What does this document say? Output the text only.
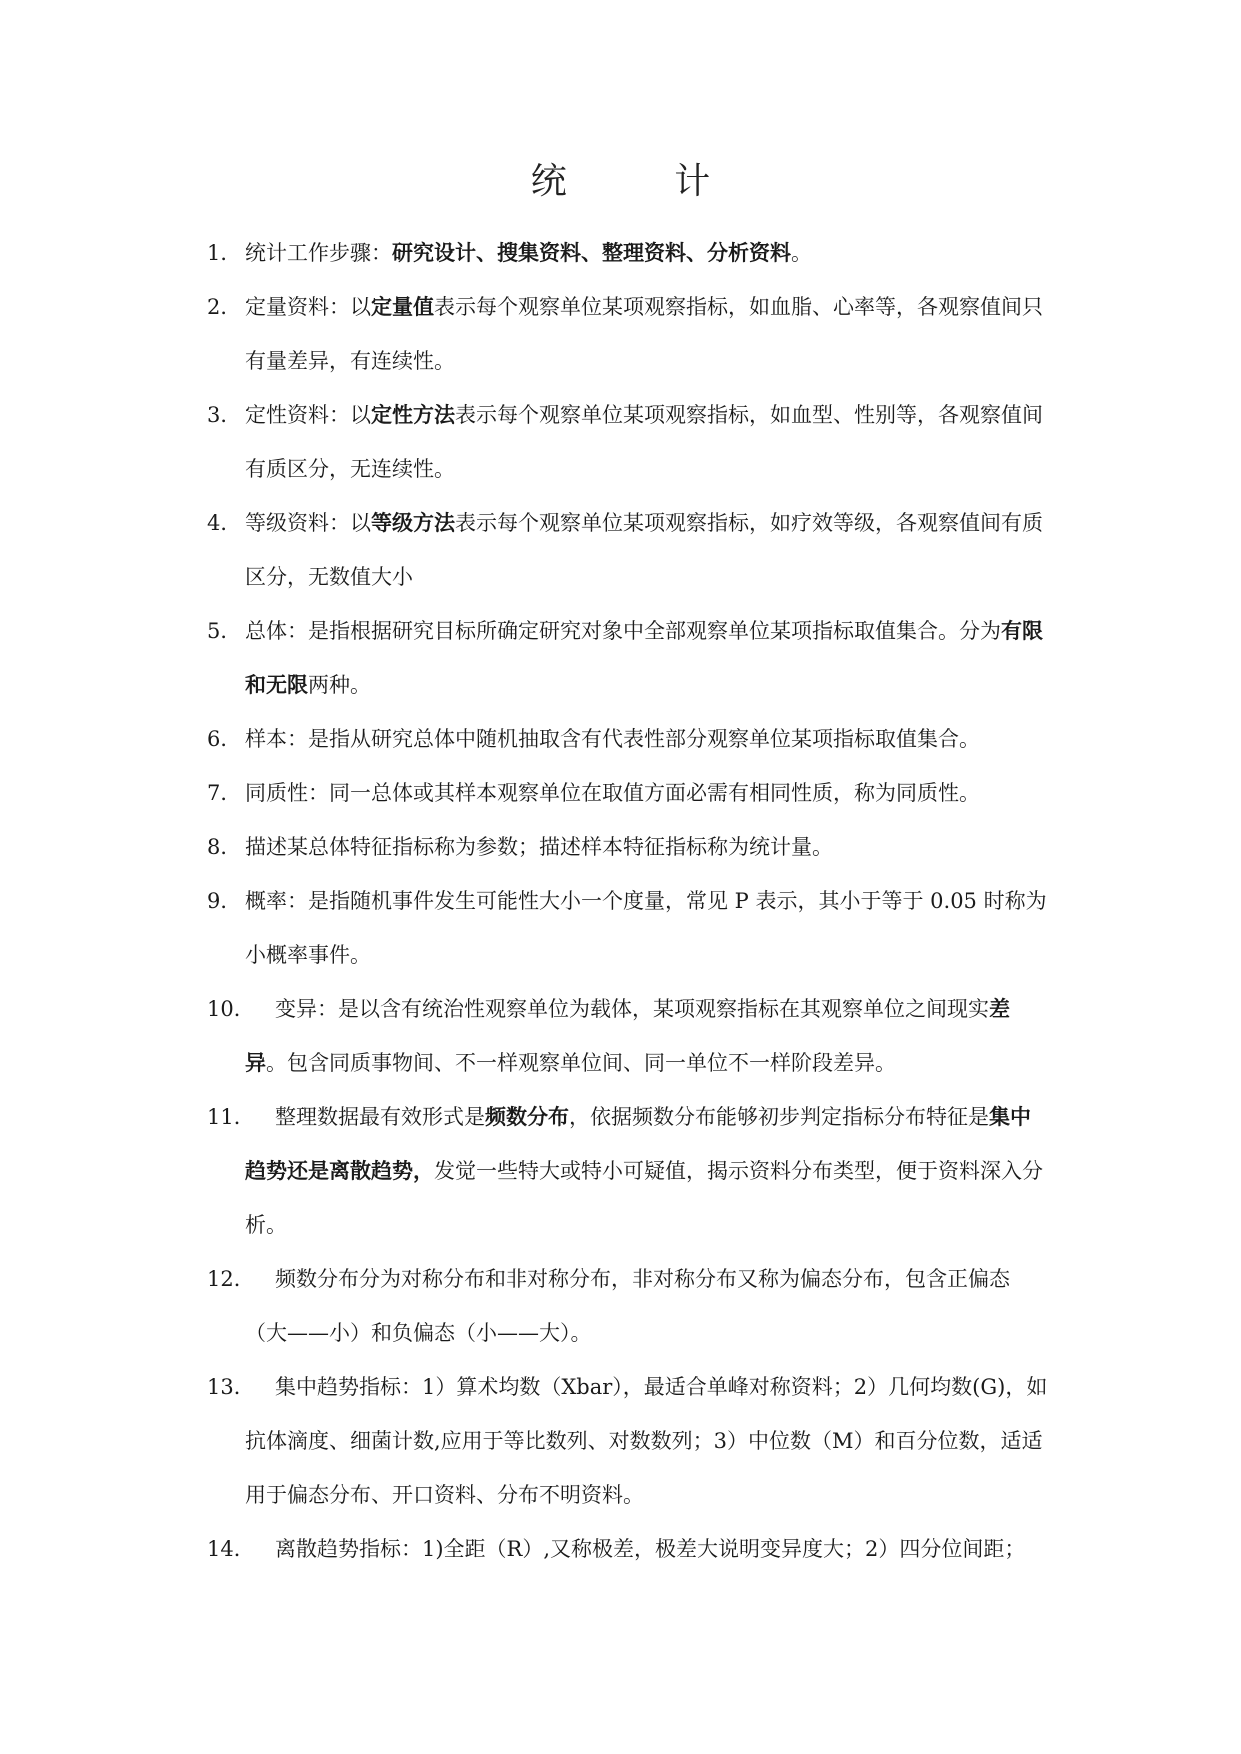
统 计
1． 统计工作步骤：研究设计、搜集资料、整理资料、分析资料。
2． 定量资料：以定量值表示每个观察单位某项观察指标，如血脂、心率等，各观察值间只有量差异，有连续性。
3． 定性资料：以定性方法表示每个观察单位某项观察指标，如血型、性别等，各观察值间有质区分，无连续性。
4． 等级资料：以等级方法表示每个观察单位某项观察指标，如疗效等级，各观察值间有质区分，无数值大小
5． 总体：是指根据研究目标所确定研究对象中全部观察单位某项指标取值集合。分为有限和无限两种。
6． 样本：是指从研究总体中随机抽取含有代表性部分观察单位某项指标取值集合。
7． 同质性：同一总体或其样本观察单位在取值方面必需有相同性质，称为同质性。
8． 描述某总体特征指标称为参数；描述样本特征指标称为统计量。
9． 概率：是指随机事件发生可能性大小一个度量，常见 P 表示，其小于等于 0.05 时称为小概率事件。
10． 变异：是以含有统治性观察单位为载体，某项观察指标在其观察单位之间现实差异。包含同质事物间、不一样观察单位间、同一单位不一样阶段差异。
11． 整理数据最有效形式是频数分布，依据频数分布能够初步判定指标分布特征是集中趋势还是离散趋势，发觉一些特大或特小可疑值，揭示资料分布类型，便于资料深入分析。
12． 频数分布分为对称分布和非对称分布，非对称分布又称为偏态分布，包含正偏态（大——小）和负偏态（小——大）。
13． 集中趋势指标：1）算术均数（Xbar），最适合单峰对称资料；2）几何均数(G)，如抗体滴度、细菌计数,应用于等比数列、对数数列；3）中位数（M）和百分位数，适适用于偏态分布、开口资料、分布不明资料。
14． 离散趋势指标：1)全距（R）,又称极差，极差大说明变异度大；2）四分位间距；
